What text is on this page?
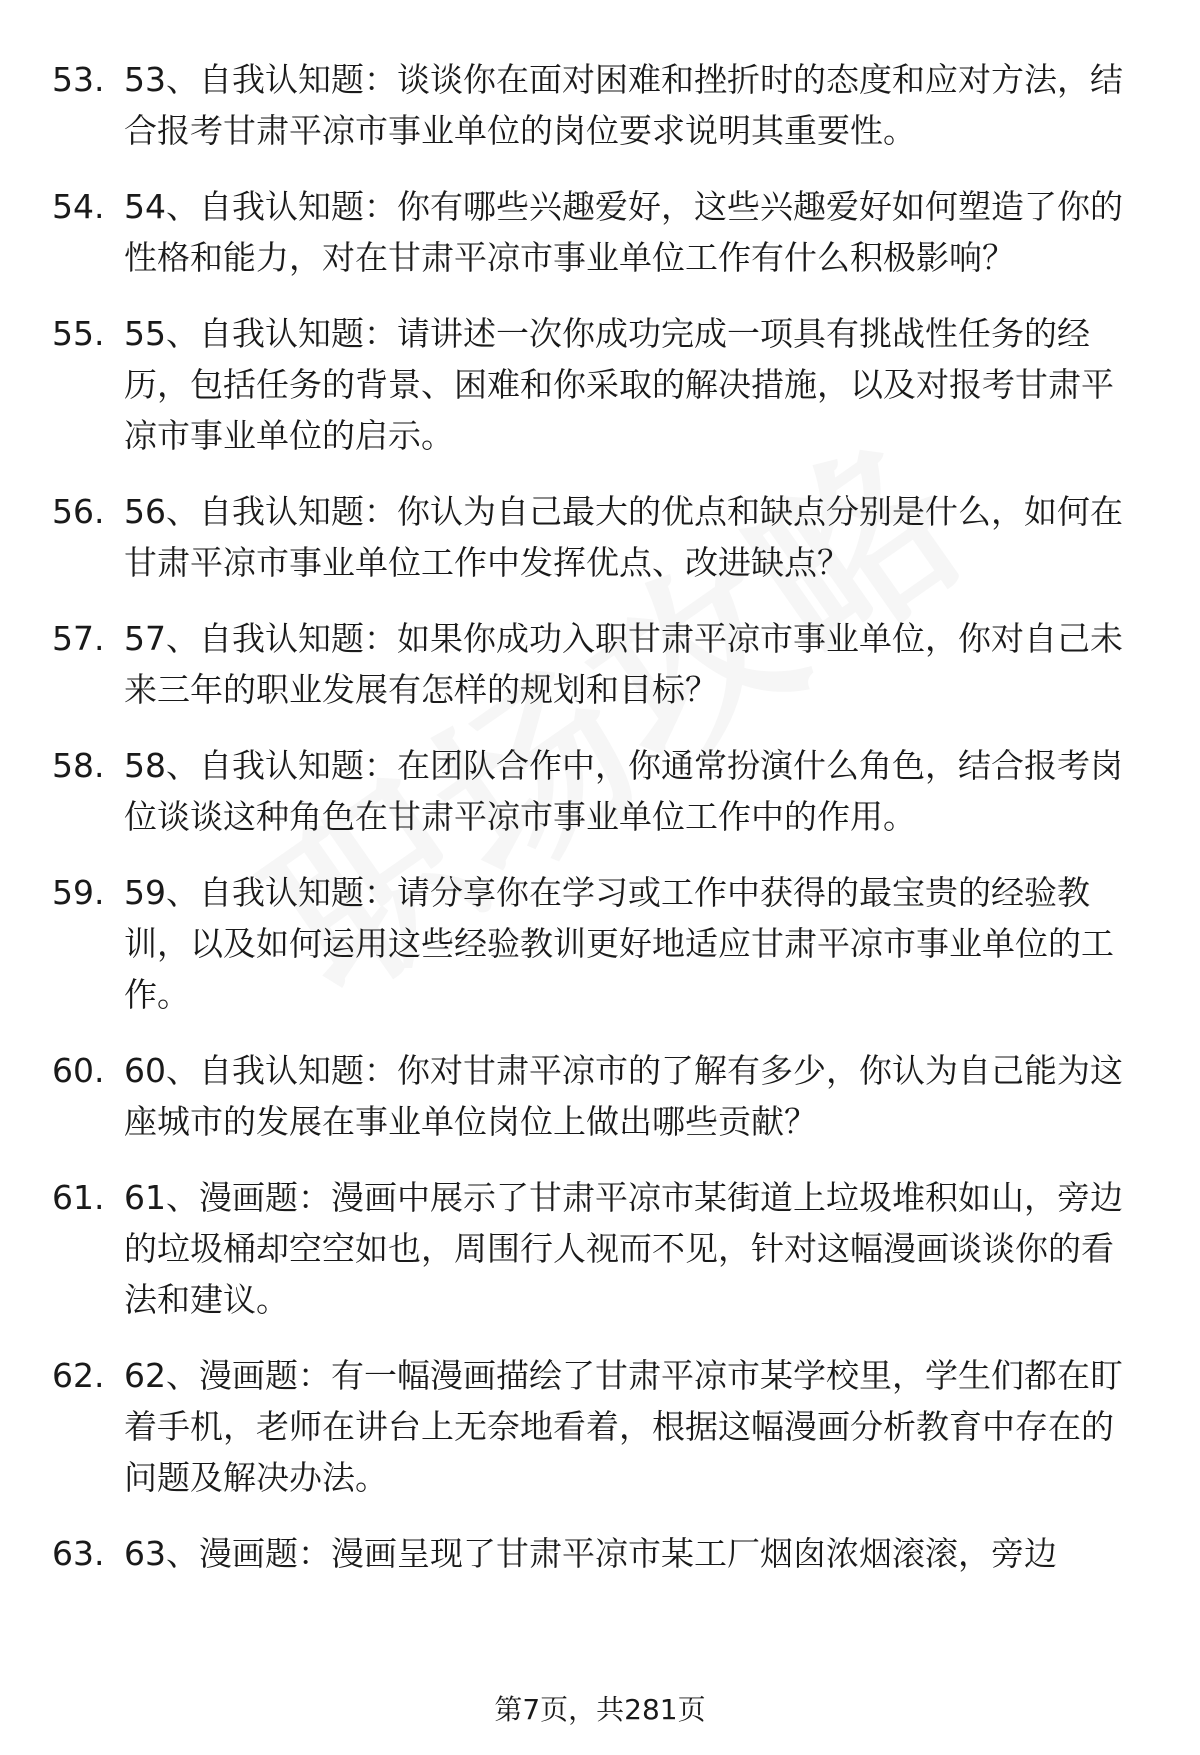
53. 53、自我认知题：谈谈你在面对困难和挫折时的态度和应对方法，结合报考甘肃平凉市事业单位的岗位要求说明其重要性。
54. 54、自我认知题：你有哪些兴趣爱好，这些兴趣爱好如何塑造了你的性格和能力，对在甘肃平凉市事业单位工作有什么积极影响？
55. 55、自我认知题：请讲述一次你成功完成一项具有挑战性任务的经历，包括任务的背景、困难和你采取的解决措施，以及对报考甘肃平凉市事业单位的启示。
56. 56、自我认知题：你认为自己最大的优点和缺点分别是什么，如何在甘肃平凉市事业单位工作中发挥优点、改进缺点？
57. 57、自我认知题：如果你成功入职甘肃平凉市事业单位，你对自己未来三年的职业发展有怎样的规划和目标？
58. 58、自我认知题：在团队合作中，你通常扮演什么角色，结合报考岗位谈谈这种角色在甘肃平凉市事业单位工作中的作用。
59. 59、自我认知题：请分享你在学习或工作中获得的最宝贵的经验教训，以及如何运用这些经验教训更好地适应甘肃平凉市事业单位的工作。
60. 60、自我认知题：你对甘肃平凉市的了解有多少，你认为自己能为这座城市的发展在事业单位岗位上做出哪些贡献？
61. 61、漫画题：漫画中展示了甘肃平凉市某街道上垃圾堆积如山，旁边的垃圾桶却空空如也，周围行人视而不见，针对这幅漫画谈谈你的看法和建议。
62. 62、漫画题：有一幅漫画描绘了甘肃平凉市某学校里，学生们都在盯着手机，老师在讲台上无奈地看着，根据这幅漫画分析教育中存在的问题及解决办法。
63. 63、漫画题：漫画呈现了甘肃平凉市某工厂烟囱浓烟滚滚，旁边
第7页，共281页
